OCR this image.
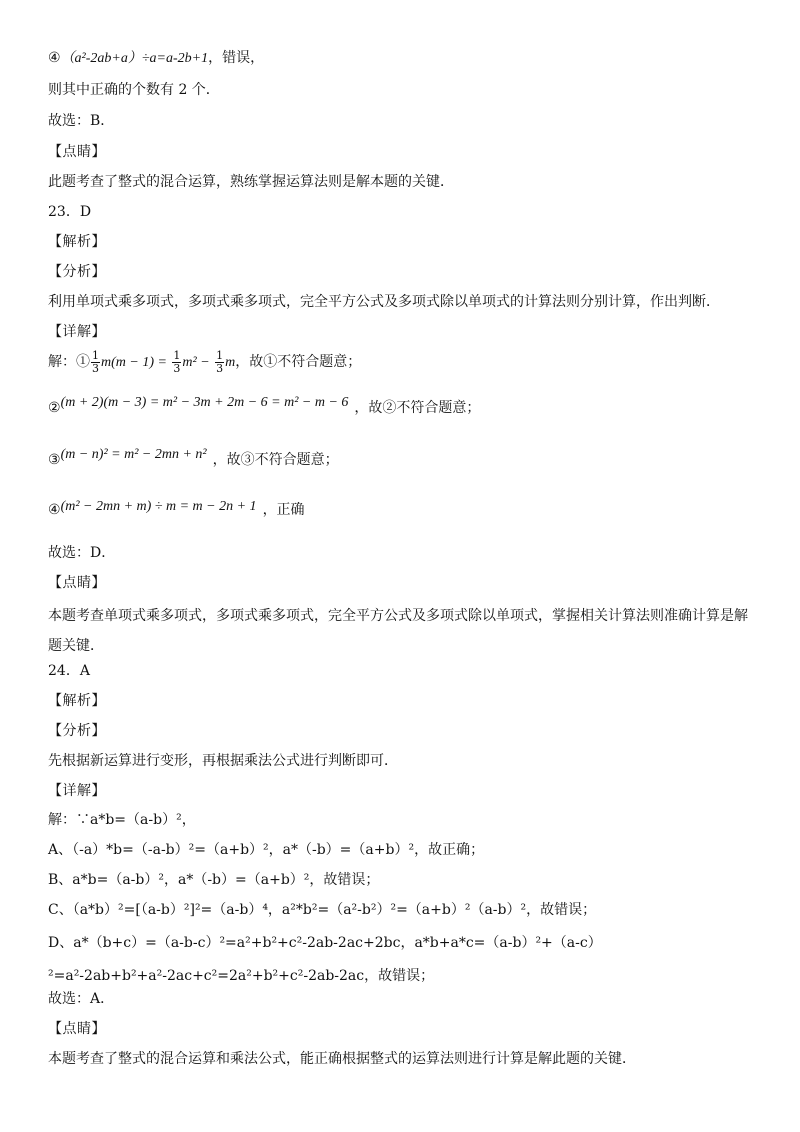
④（a²-2ab+a）÷a=a-2b+1，错误，
则其中正确的个数有 2 个．
故选：B．
【点睛】
此题考查了整式的混合运算，熟练掌握运算法则是解本题的关键．
23．D
【解析】
【分析】
利用单项式乘多项式，多项式乘多项式，完全平方公式及多项式除以单项式的计算法则分别计算，作出判断．
【详解】
解：① $\frac{1}{3} m(m - 1) = \frac{1}{3} m^2 - \frac{1}{3}$ m，故①不符合题意；
②(m + 2)(m − 3) = m² − 3m + 2m − 6 = m² − m − 6 ，故②不符合题意；
③(m − n)² = m² − 2mn + n² ，故③不符合题意；
④(m² − 2mn + m) ÷ m = m − 2n + 1 ，正确
故选：D．
【点睛】
本题考查单项式乘多项式，多项式乘多项式，完全平方公式及多项式除以单项式，掌握相关计算法则准确计算是解题关键．
24．A
【解析】
【分析】
先根据新运算进行变形，再根据乘法公式进行判断即可．
【详解】
解：∵a*b=（a-b）²，
A、（-a）*b=（-a-b）²=（a+b）²，a*（-b）=（a+b）²，故正确；
B、a*b=（a-b）²，a*（-b）=（a+b）²，故错误；
C、（a*b）²=[（a-b）²]²=（a-b）⁴，a²*b²=（a²-b²）²=（a+b）²（a-b）²，故错误；
D、a*（b+c）=（a-b-c）²=a²+b²+c²-2ab-2ac+2bc，a*b+a*c=（a-b）²+（a-c）²=a²-2ab+b²+a²-2ac+c²=2a²+b²+c²-2ab-2ac，故错误；
故选：A．
【点睛】
本题考查了整式的混合运算和乘法公式，能正确根据整式的运算法则进行计算是解此题的关键．
